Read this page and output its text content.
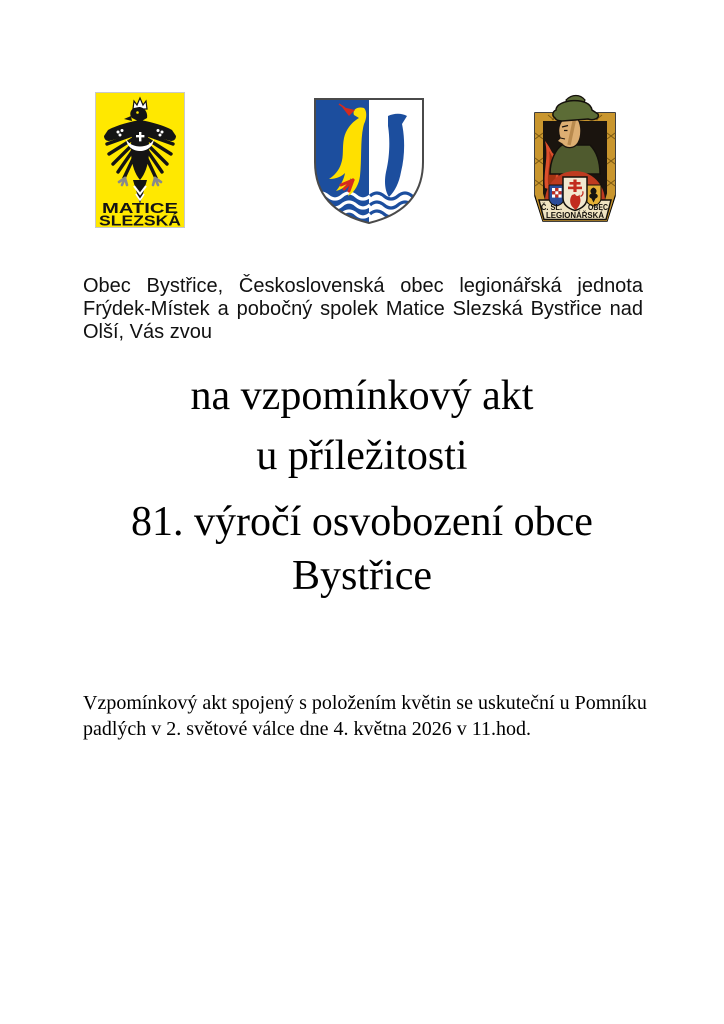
MATICE
SLEZSKÁ
Č. SL.	OBEC
LEGIONÁŘSKÁ
Obec Bystřice, Československá obec legionářská jednota
Frýdek-Místek a pobočný spolek Matice Slezská Bystřice nad
Olší, Vás zvou
na vzpomínkový akt
u příležitosti
81. výročí osvobození obce
Bystřice
Vzpomínkový akt spojený s položením květin se uskuteční u Pomníku
padlých v 2. světové válce dne 4. května 2026 v 11.hod.
